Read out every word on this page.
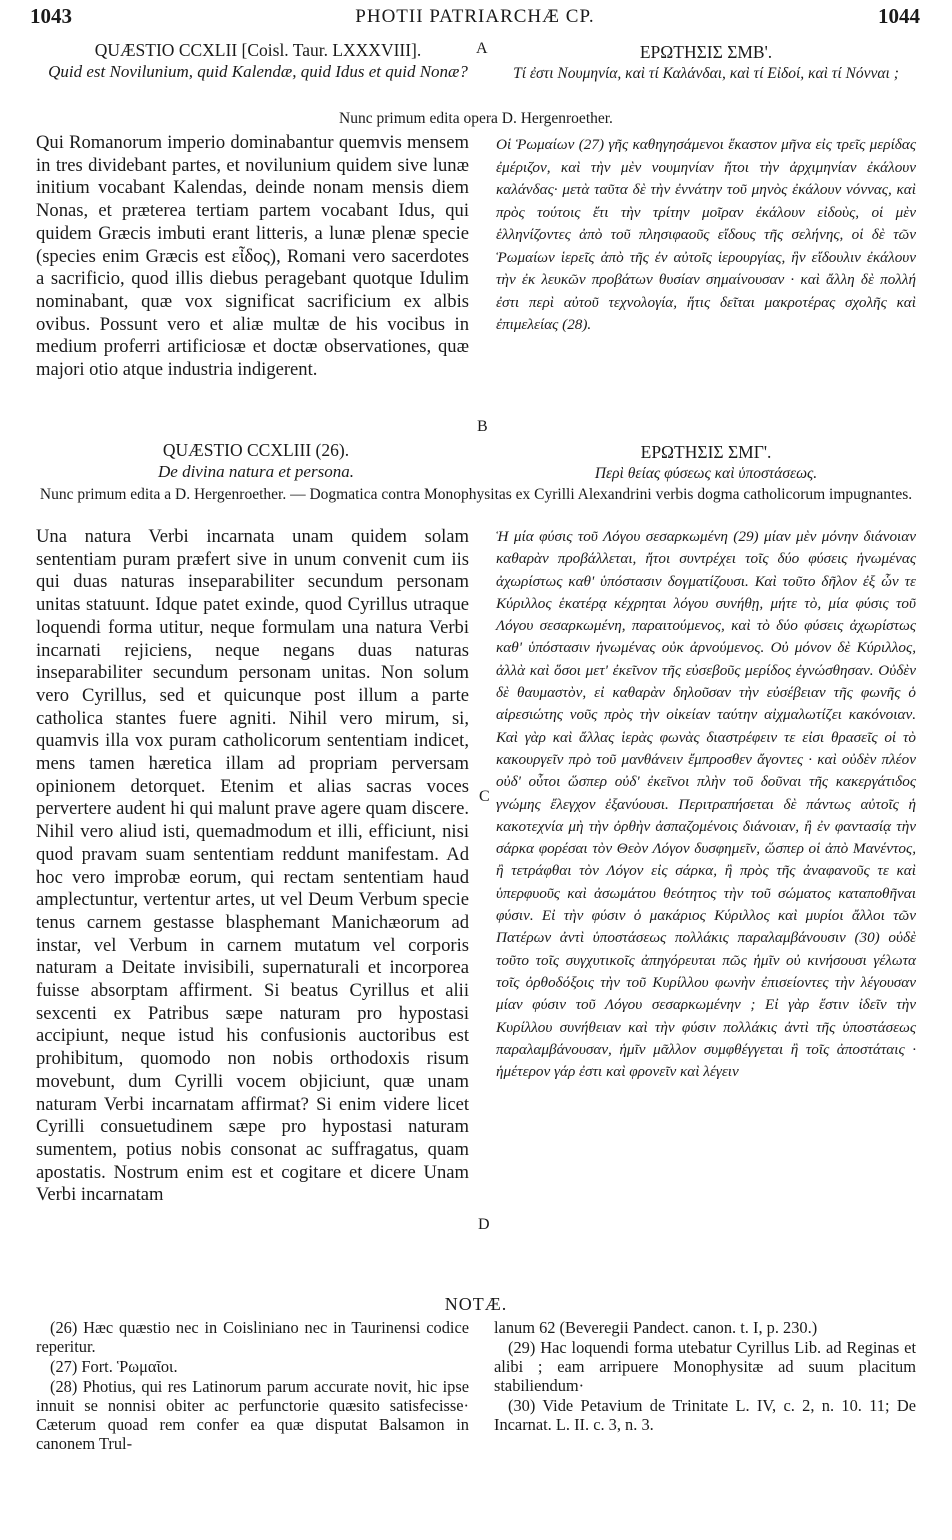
1043	PHOTII PATRIARCHÆ CP.	1044
QUÆSTIO CCXLII [Coisl. Taur. LXXXVIII].
Quid est Novilunium, quid Kalendæ, quid Idus et quid Nonæ?
ΕΡΩΤΗΣΙΣ ΣΜΒ'.
Τί ἐστι Νουμηνία, καὶ τί Καλάνδαι, καὶ τί Εἰδοί, καὶ τί Νόνναι ;
Nunc primum edita opera D. Hergenroether.
A
Qui Romanorum imperio dominabantur quemvis mensem in tres dividebant partes, et novilunium quidem sive lunæ initium vocabant Kalendas, deinde nonam mensis diem Nonas, et præterea tertiam partem vocabant Idus, qui quidem Græcis imbuti erant litteris, a lunæ plenæ specie (species enim Græcis est εἶδος), Romani vero sacerdotes a sacrificio, quod illis diebus peragebant quotque Idulim nominabant, quæ vox significat sacrificium ex albis ovibus. Possunt vero et aliæ multæ de his vocibus in medium proferri artificiosæ et doctæ observationes, quæ majori otio atque industria indigerent.
Οἱ Ῥωμαίων (27) γῆς καθηγησάμενοι ἕκαστον μῆνα εἰς τρεῖς μερίδας ἐμέριζον, καὶ τὴν μὲν νουμηνίαν ἤτοι τὴν ἀρχιμηνίαν ἐκάλουν καλάνδας· μετὰ ταῦτα δὲ τὴν ἐννάτην τοῦ μηνὸς ἐκάλουν νόννας, καὶ πρὸς τούτοις ἔτι τὴν τρίτην μοῖραν ἐκάλουν εἰδοὺς, οἱ μὲν ἑλληνίζοντες ἀπὸ τοῦ πλησιφαοῦς εἴδους τῆς σελήνης, οἱ δὲ τῶν Ῥωμαίων ἱερεῖς ἀπὸ τῆς ἐν αὐτοῖς ἱερουργίας, ἣν εἴδουλιν ἐκάλουν τὴν ἐκ λευκῶν προβάτων θυσίαν σημαίνουσαν · καὶ ἄλλη δὲ πολλή ἐστι περὶ αὐτοῦ τεχνολογία, ἥτις δεῖται μακροτέρας σχολῆς καὶ ἐπιμελείας (28).
B
QUÆSTIO CCXLIII (26).
De divina natura et persona.
ΕΡΩΤΗΣΙΣ ΣΜΓ'.
Περὶ θείας φύσεως καὶ ὑποστάσεως.
Nunc primum edita a D. Hergenroether. — Dogmatica contra Monophysitas ex Cyrilli Alexandrini verbis dogma catholicorum impugnantes.
Una natura Verbi incarnata unam quidem solam sententiam puram præfert sive in unum convenit cum iis qui duas naturas inseparabiliter secundum personam unitas statuunt. Idque patet exinde, quod Cyrillus utraque loquendi forma utitur, neque formulam una natura Verbi incarnati rejiciens, neque negans duas naturas inseparabiliter secundum personam unitas. Non solum vero Cyrillus, sed et quicunque post illum a parte catholica stantes fuere agniti. Nihil vero mirum, si, quamvis illa vox puram catholicorum sententiam indicet, mens tamen hæretica illam ad propriam perversam opinionem detorquet. Etenim et alias sacras voces pervertere audent hi qui malunt prave agere quam discere. Nihil vero aliud isti, quemadmodum et illi, efficiunt, nisi quod pravam suam sententiam reddunt manifestam. Ad hoc vero improbæ eorum, qui rectam sententiam haud amplectuntur, vertentur artes, ut vel Deum Verbum specie tenus carnem gestasse blasphemant Manichæorum ad instar, vel Verbum in carnem mutatum vel corporis naturam a Deitate invisibili, supernaturali et incorporea fuisse absorptam affirment. Si beatus Cyrillus et alii sexcenti ex Patribus sæpe naturam pro hypostasi accipiunt, neque istud his confusionis auctoribus est prohibitum, quomodo non nobis orthodoxis risum movebunt, dum Cyrilli vocem objiciunt, quæ unam naturam Verbi incarnatam affirmat? Si enim videre licet Cyrilli consuetudinem sæpe pro hypostasi naturam sumentem, potius nobis consonat ac suffragatus, quam apostatis. Nostrum enim est et cogitare et dicere Unam Verbi incarnatam
Ἡ μία φύσις τοῦ Λόγου σεσαρκωμένη (29) μίαν μὲν μόνην διάνοιαν καθαρὰν προβάλλεται, ἤτοι συντρέχει τοῖς δύο φύσεις ἡνωμένας ἀχωρίστως καθ' ὑπόστασιν δογματίζουσι. Καὶ τοῦτο δῆλον ἐξ ὧν τε Κύριλλος ἑκατέρᾳ κέχρηται λόγου συνήθῃ, μήτε τὸ, μία φύσις τοῦ Λόγου σεσαρκωμένη, παραιτούμενος, καὶ τὸ δύο φύσεις ἀχωρίστως καθ' ὑπόστασιν ἡνωμένας οὐκ ἀρνούμενος. Οὐ μόνον δὲ Κύριλλος, ἀλλὰ καὶ ὅσοι μετ' ἐκεῖνον τῆς εὐσεβοῦς μερίδος ἐγνώσθησαν. Οὐδὲν δὲ θαυμαστὸν, εἰ καθαρὰν δηλοῦσαν τὴν εὐσέβειαν τῆς φωνῆς ὁ αἱρεσιώτης νοῦς πρὸς τὴν οἰκείαν ταύτην αἰχμαλωτίζει κακόνοιαν. Καὶ γὰρ καὶ ἄλλας ἱερὰς φωνὰς διαστρέφειν τε εἰσι θρασεῖς οἱ τὸ κακουργεῖν πρὸ τοῦ μανθάνειν ἔμπροσθεν ἄγοντες · καὶ οὐδὲν πλέον οὐδ' οὗτοι ὥσπερ οὐδ' ἐκεῖνοι πλὴν τοῦ δοῦναι τῆς κακεργάτιδος γνώμης ἔλεγχον ἐξανύουσι. Περιτραπήσεται δὲ πάντως αὐτοῖς ἡ κακοτεχνία μὴ τὴν ὀρθὴν ἀσπαζομένοις διάνοιαν, ἢ ἐν φαντασίᾳ τὴν σάρκα φορέσαι τὸν Θεὸν Λόγον δυσφημεῖν, ὥσπερ οἱ ἀπὸ Μανέντος, ἢ τετράφθαι τὸν Λόγον εἰς σάρκα, ἢ πρὸς τῆς ἀναφανοῦς τε καὶ ὑπερφυοῦς καὶ ἀσωμάτου θεότητος τὴν τοῦ σώματος καταποθῆναι φύσιν. Εἰ τὴν φύσιν ὁ μακάριος Κύριλλος καὶ μυρίοι ἄλλοι τῶν Πατέρων ἀντὶ ὑποστάσεως πολλάκις παραλαμβάνουσιν (30) οὐδὲ τοῦτο τοῖς συγχυτικοῖς ἀπηγόρευται πῶς ἡμῖν οὐ κινήσουσι γέλωτα τοῖς ὀρθοδόξοις τὴν τοῦ Κυρίλλου φωνὴν ἐπισείοντες τὴν λέγουσαν μίαν φύσιν τοῦ Λόγου σεσαρκωμένην ; Εἰ γὰρ ἔστιν ἰδεῖν τὴν Κυρίλλου συνήθειαν καὶ τὴν φύσιν πολλάκις ἀντὶ τῆς ὑποστάσεως παραλαμβάνουσαν, ἡμῖν μᾶλλον συμφθέγγεται ἢ τοῖς ἀποστάταις · ἡμέτερον γάρ ἐστι καὶ φρονεῖν καὶ λέγειν
C
D
NOTÆ.

(26) Hæc quæstio nec in Coisliniano nec in Taurinensi codice reperitur.

(27) Fort. Ῥωμαῖοι.

(28) Photius, qui res Latinorum parum accurate novit, hic ipse innuit se nonnisi obiter ac perfunctorie quæsito satisfecisse· Cæterum quoad rem confer ea quæ disputat Balsamon in canonem Trul-

lanum 62 (Beveregii Pandect. canon. t. I, p. 230.)

(29) Hac loquendi forma utebatur Cyrillus Lib. ad Reginas et alibi ; eam arripuere Monophysitæ ad suum placitum stabiliendum·

(30) Vide Petavium de Trinitate L. IV, c. 2, n. 10. 11; De Incarnat. L. II. c. 3, n. 3.
